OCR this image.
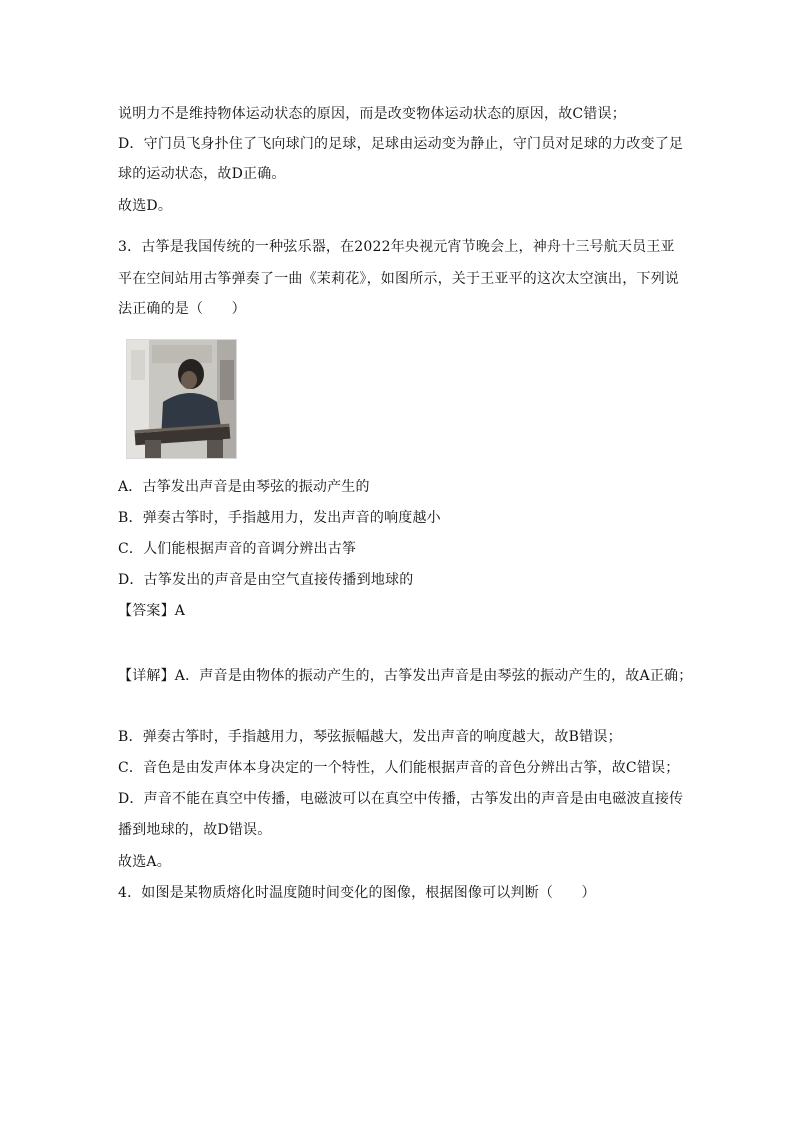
说明力不是维持物体运动状态的原因，而是改变物体运动状态的原因，故C错误；
D．守门员飞身扑住了飞向球门的足球，足球由运动变为静止，守门员对足球的力改变了足
球的运动状态，故D正确。
故选D。
3．古筝是我国传统的一种弦乐器，在2022年央视元宵节晚会上，神舟十三号航天员王亚
平在空间站用古筝弹奏了一曲《茉莉花》，如图所示，关于王亚平的这次太空演出，下列说
法正确的是（　　）
A．古筝发出声音是由琴弦的振动产生的
B．弹奏古筝时，手指越用力，发出声音的响度越小
C．人们能根据声音的音调分辨出古筝
D．古筝发出的声音是由空气直接传播到地球的
【答案】A
【详解】A．声音是由物体的振动产生的，古筝发出声音是由琴弦的振动产生的，故A正确；
B．弹奏古筝时，手指越用力，琴弦振幅越大，发出声音的响度越大，故B错误；
C．音色是由发声体本身决定的一个特性，人们能根据声音的音色分辨出古筝，故C错误；
D．声音不能在真空中传播，电磁波可以在真空中传播，古筝发出的声音是由电磁波直接传
播到地球的，故D错误。
故选A。
4．如图是某物质熔化时温度随时间变化的图像，根据图像可以判断（　　）
